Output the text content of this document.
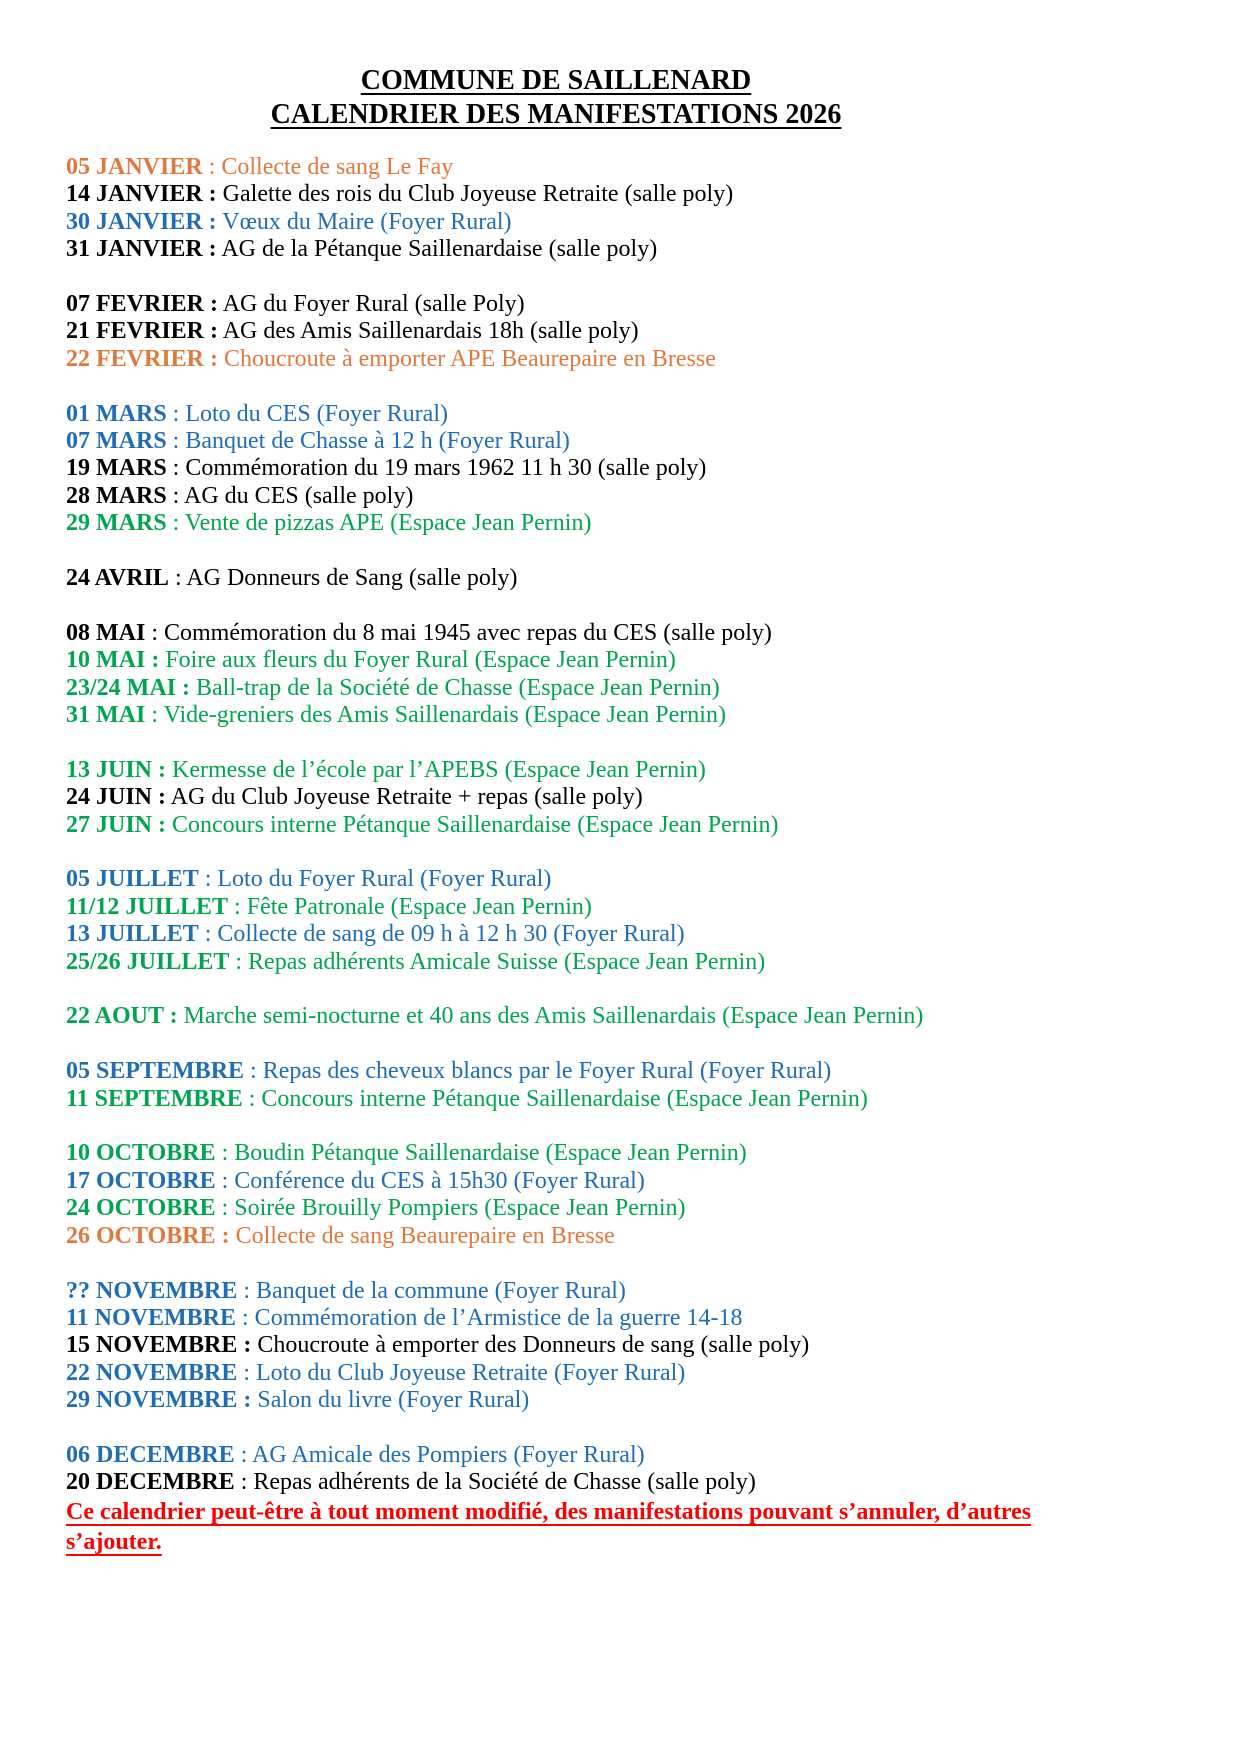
COMMUNE DE SAILLENARD
CALENDRIER DES MANIFESTATIONS 2026

05 JANVIER : Collecte de sang Le Fay

14 JANVIER : Galette des rois du Club Joyeuse Retraite (salle poly)

30 JANVIER : Vœux du Maire (Foyer Rural)

31 JANVIER : AG de la Pétanque Saillenardaise (salle poly)

07 FEVRIER : AG du Foyer Rural (salle Poly)

21 FEVRIER : AG des Amis Saillenardais 18h (salle poly)

22 FEVRIER : Choucroute à emporter APE Beaurepaire en Bresse

01 MARS : Loto du CES (Foyer Rural)

07 MARS : Banquet de Chasse à 12 h (Foyer Rural)

19 MARS : Commémoration du 19 mars 1962 11 h 30 (salle poly)

28 MARS : AG du CES (salle poly)

29 MARS : Vente de pizzas APE (Espace Jean Pernin)

24 AVRIL : AG Donneurs de Sang (salle poly)

08 MAI : Commémoration du 8 mai 1945 avec repas du CES (salle poly)

10 MAI : Foire aux fleurs du Foyer Rural (Espace Jean Pernin)

23/24 MAI : Ball-trap de la Société de Chasse (Espace Jean Pernin)

31 MAI : Vide-greniers des Amis Saillenardais (Espace Jean Pernin)

13 JUIN : Kermesse de l’école par l’APEBS (Espace Jean Pernin)

24 JUIN : AG du Club Joyeuse Retraite + repas (salle poly)

27 JUIN : Concours interne Pétanque Saillenardaise (Espace Jean Pernin)

05 JUILLET : Loto du Foyer Rural (Foyer Rural)

11/12 JUILLET : Fête Patronale (Espace Jean Pernin)

13 JUILLET : Collecte de sang de 09 h à 12 h 30 (Foyer Rural)

25/26 JUILLET : Repas adhérents Amicale Suisse (Espace Jean Pernin)

22 AOUT : Marche semi-nocturne et 40 ans des Amis Saillenardais (Espace Jean Pernin)

05 SEPTEMBRE : Repas des cheveux blancs par le Foyer Rural (Foyer Rural)

11 SEPTEMBRE : Concours interne Pétanque Saillenardaise (Espace Jean Pernin)

10 OCTOBRE : Boudin Pétanque Saillenardaise (Espace Jean Pernin)

17 OCTOBRE : Conférence du CES à 15h30 (Foyer Rural)

24 OCTOBRE : Soirée Brouilly Pompiers (Espace Jean Pernin)

26 OCTOBRE : Collecte de sang Beaurepaire en Bresse

?? NOVEMBRE : Banquet de la commune (Foyer Rural)

11 NOVEMBRE : Commémoration de l’Armistice de la guerre 14-18

15 NOVEMBRE : Choucroute à emporter des Donneurs de sang (salle poly)

22 NOVEMBRE : Loto du Club Joyeuse Retraite (Foyer Rural)

29 NOVEMBRE : Salon du livre (Foyer Rural)

06 DECEMBRE : AG Amicale des Pompiers (Foyer Rural)

20 DECEMBRE : Repas adhérents de la Société de Chasse (salle poly)

Ce calendrier peut-être à tout moment modifié, des manifestations pouvant s’annuler, d’autres
s’ajouter.
